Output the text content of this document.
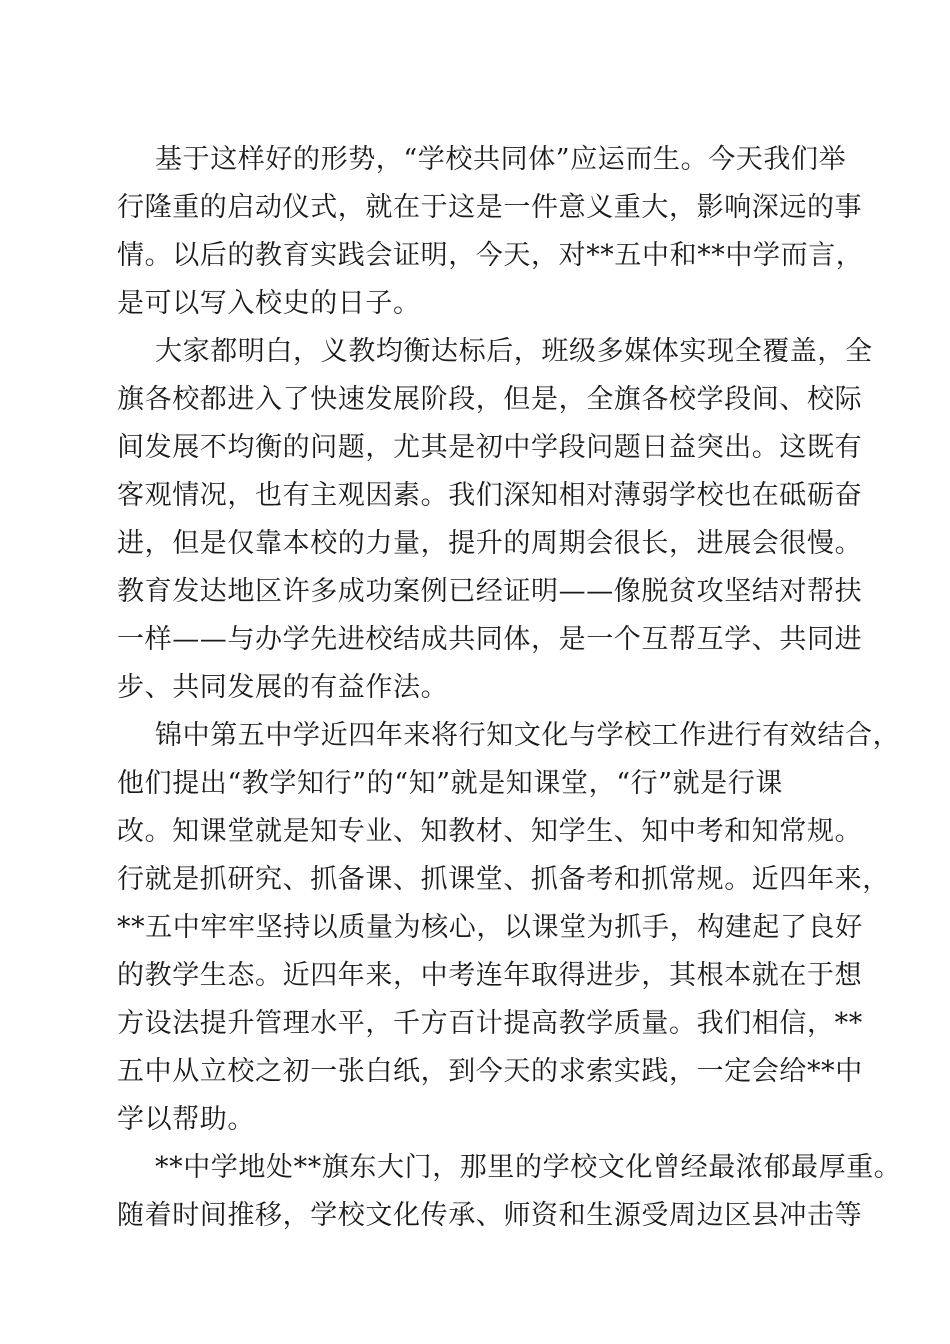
基于这样好的形势，“学校共同体”应运而生。今天我们举
行隆重的启动仪式，就在于这是一件意义重大，影响深远的事
情。以后的教育实践会证明，今天，对**五中和**中学而言，
是可以写入校史的日子。
大家都明白，义教均衡达标后，班级多媒体实现全覆盖，全
旗各校都进入了快速发展阶段，但是，全旗各校学段间、校际
间发展不均衡的问题，尤其是初中学段问题日益突出。这既有
客观情况，也有主观因素。我们深知相对薄弱学校也在砥砺奋
进，但是仅靠本校的力量，提升的周期会很长，进展会很慢。
教育发达地区许多成功案例已经证明——像脱贫攻坚结对帮扶
一样——与办学先进校结成共同体，是一个互帮互学、共同进
步、共同发展的有益作法。
锦中第五中学近四年来将行知文化与学校工作进行有效结合，
他们提出“教学知行”的“知”就是知课堂，“行”就是行课
改。知课堂就是知专业、知教材、知学生、知中考和知常规。
行就是抓研究、抓备课、抓课堂、抓备考和抓常规。近四年来，
**五中牢牢坚持以质量为核心，以课堂为抓手，构建起了良好
的教学生态。近四年来，中考连年取得进步，其根本就在于想
方设法提升管理水平，千方百计提高教学质量。我们相信，**
五中从立校之初一张白纸，到今天的求索实践，一定会给**中
学以帮助。
**中学地处**旗东大门，那里的学校文化曾经最浓郁最厚重。
随着时间推移，学校文化传承、师资和生源受周边区县冲击等
